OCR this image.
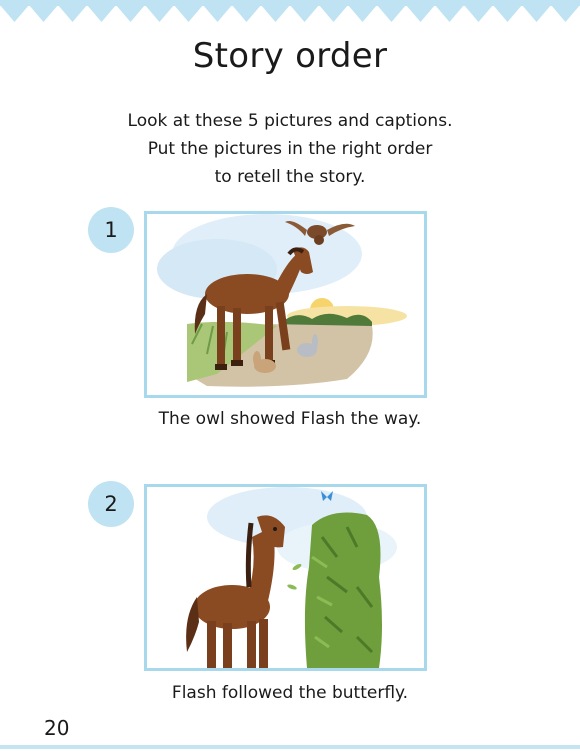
Story order
Look at these 5 pictures and captions.
Put the pictures in the right order
to retell the story.
1
The owl showed Flash the way.
2
Flash followed the butterfly.
20
